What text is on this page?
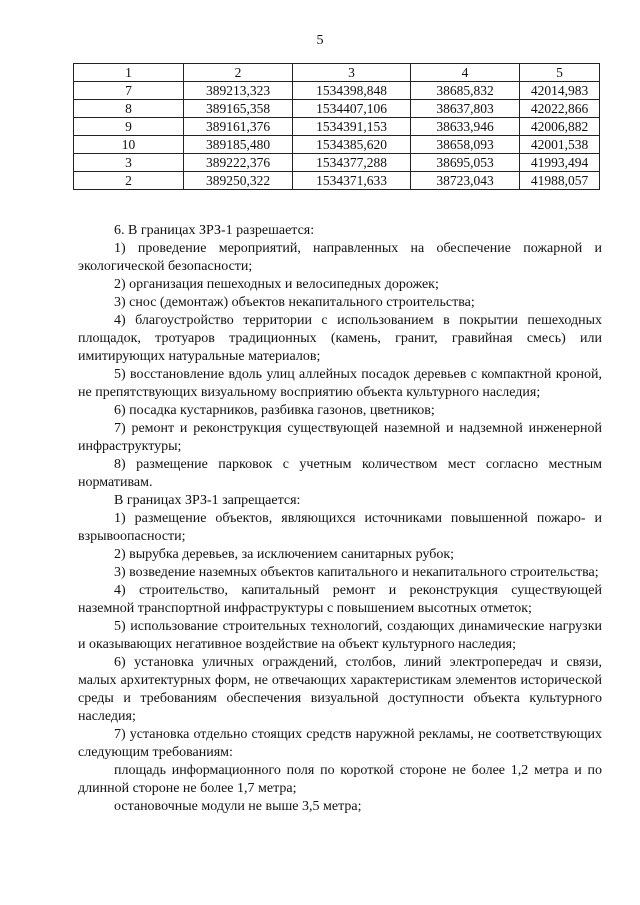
5
1	2	3	4	5
7	389213,323	1534398,848	38685,832	42014,983
8	389165,358	1534407,106	38637,803	42022,866
9	389161,376	1534391,153	38633,946	42006,882
10	389185,480	1534385,620	38658,093	42001,538
3	389222,376	1534377,288	38695,053	41993,494
2	389250,322	1534371,633	38723,043	41988,057

6. В границах ЗРЗ-1 разрешается:

1) проведение мероприятий, направленных на обеспечение пожарной и экологической безопасности;

2) организация пешеходных и велосипедных дорожек;

3) снос (демонтаж) объектов некапитального строительства;

4) благоустройство территории с использованием в покрытии пешеходных площадок, тротуаров традиционных (камень, гранит, гравийная смесь) или имитирующих натуральные материалов;

5) восстановление вдоль улиц аллейных посадок деревьев с компактной кроной, не препятствующих визуальному восприятию объекта культурного наследия;

6) посадка кустарников, разбивка газонов, цветников;

7) ремонт и реконструкция существующей наземной и надземной инженерной инфраструктуры;

8) размещение парковок с учетным количеством мест согласно местным нормативам.

В границах ЗРЗ-1 запрещается:

1) размещение объектов, являющихся источниками повышенной пожаро- и взрывоопасности;

2) вырубка деревьев, за исключением санитарных рубок;

3) возведение наземных объектов капитального и некапитального строительства;

4) строительство, капитальный ремонт и реконструкция существующей наземной транспортной инфраструктуры с повышением высотных отметок;

5) использование строительных технологий, создающих динамические нагрузки и оказывающих негативное воздействие на объект культурного наследия;

6) установка уличных ограждений, столбов, линий электропередач и связи, малых архитектурных форм, не отвечающих характеристикам элементов исторической среды и требованиям обеспечения визуальной доступности объекта культурного наследия;

7) установка отдельно стоящих средств наружной рекламы, не соответствующих следующим требованиям:

площадь информационного поля по короткой стороне не более 1,2 метра и по длинной стороне не более 1,7 метра;

остановочные модули не выше 3,5 метра;
